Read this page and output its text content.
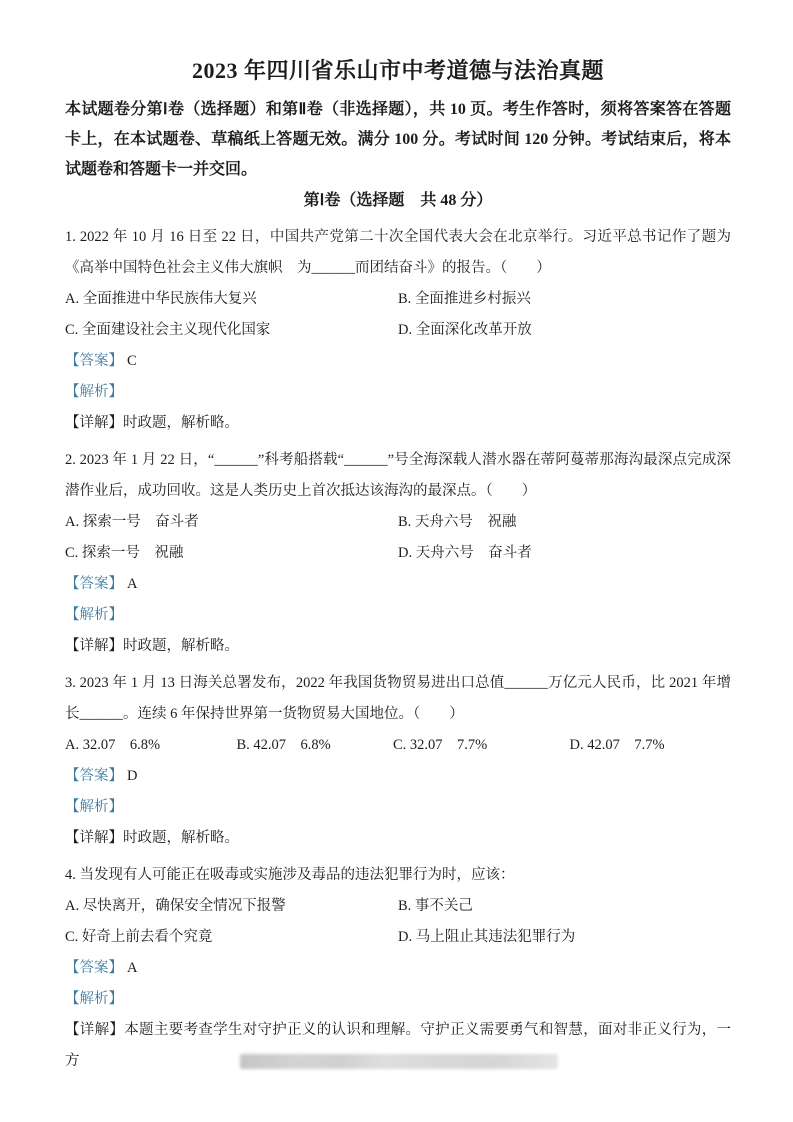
2023 年四川省乐山市中考道德与法治真题

本试题卷分第Ⅰ卷（选择题）和第Ⅱ卷（非选择题），共 10 页。考生作答时，须将答案答在答题卡上，在本试题卷、草稿纸上答题无效。满分 100 分。考试时间 120 分钟。考试结束后，将本试题卷和答题卡一并交回。

第Ⅰ卷（选择题　共 48 分）

1. 2022 年 10 月 16 日至 22 日，中国共产党第二十次全国代表大会在北京举行。习近平总书记作了题为《高举中国特色社会主义伟大旗帜　为______而团结奋斗》的报告。（　　）

A. 全面推进中华民族伟大复兴	B. 全面推进乡村振兴
C. 全面建设社会主义现代化国家	D. 全面深化改革开放

【答案】 C

【解析】

【详解】时政题，解析略。

2. 2023 年 1 月 22 日，“______”科考船搭载“______”号全海深载人潜水器在蒂阿蔓蒂那海沟最深点完成深潜作业后，成功回收。这是人类历史上首次抵达该海沟的最深点。（　　）

A. 探索一号　奋斗者	B. 天舟六号　祝融
C. 探索一号　祝融	D. 天舟六号　奋斗者

【答案】 A

【解析】

【详解】时政题，解析略。

3. 2023 年 1 月 13 日海关总署发布，2022 年我国货物贸易进出口总值______万亿元人民币，比 2021 年增长______。连续 6 年保持世界第一货物贸易大国地位。（　　）

A. 32.07　6.8%	B. 42.07　6.8%	C. 32.07　7.7%	D. 42.07　7.7%

【答案】 D

【解析】

【详解】时政题，解析略。

4. 当发现有人可能正在吸毒或实施涉及毒品的违法犯罪行为时，应该：

A. 尽快离开，确保安全情况下报警	B. 事不关己
C. 好奇上前去看个究竟	D. 马上阻止其违法犯罪行为

【答案】 A

【解析】

【详解】本题主要考查学生对守护正义的认识和理解。守护正义需要勇气和智慧，面对非正义行为，一方
